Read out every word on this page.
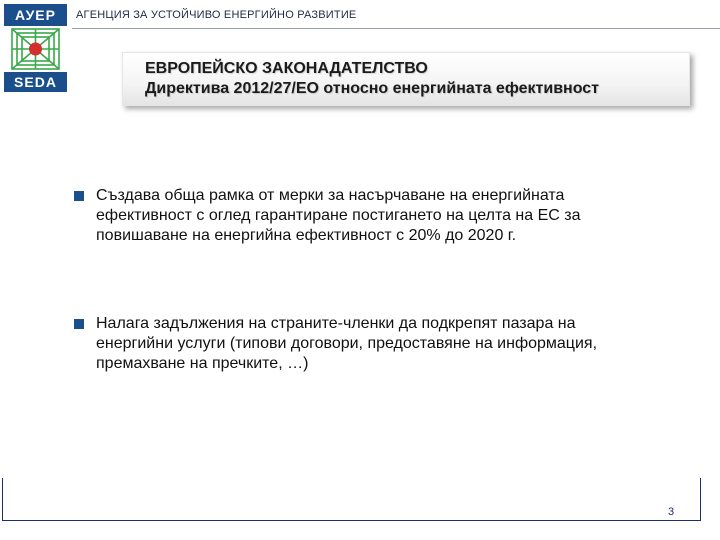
АУЕР
SEDA
АГЕНЦИЯ ЗА УСТОЙЧИВО ЕНЕРГИЙНО РАЗВИТИЕ
ЕВРОПЕЙСКО ЗАКОНАДАТЕЛСТВО
Директива 2012/27/ЕО относно енергийната ефективност
Създава обща рамка от мерки за насърчаване на енергийната
ефективност с оглед гарантиране постигането на целта на ЕС за
повишаване на енергийна ефективност с 20% до 2020 г.
Налага задължения на страните-членки да подкрепят пазара на
енергийни услуги (типови договори, предоставяне на информация,
премахване на пречките, …)
3
